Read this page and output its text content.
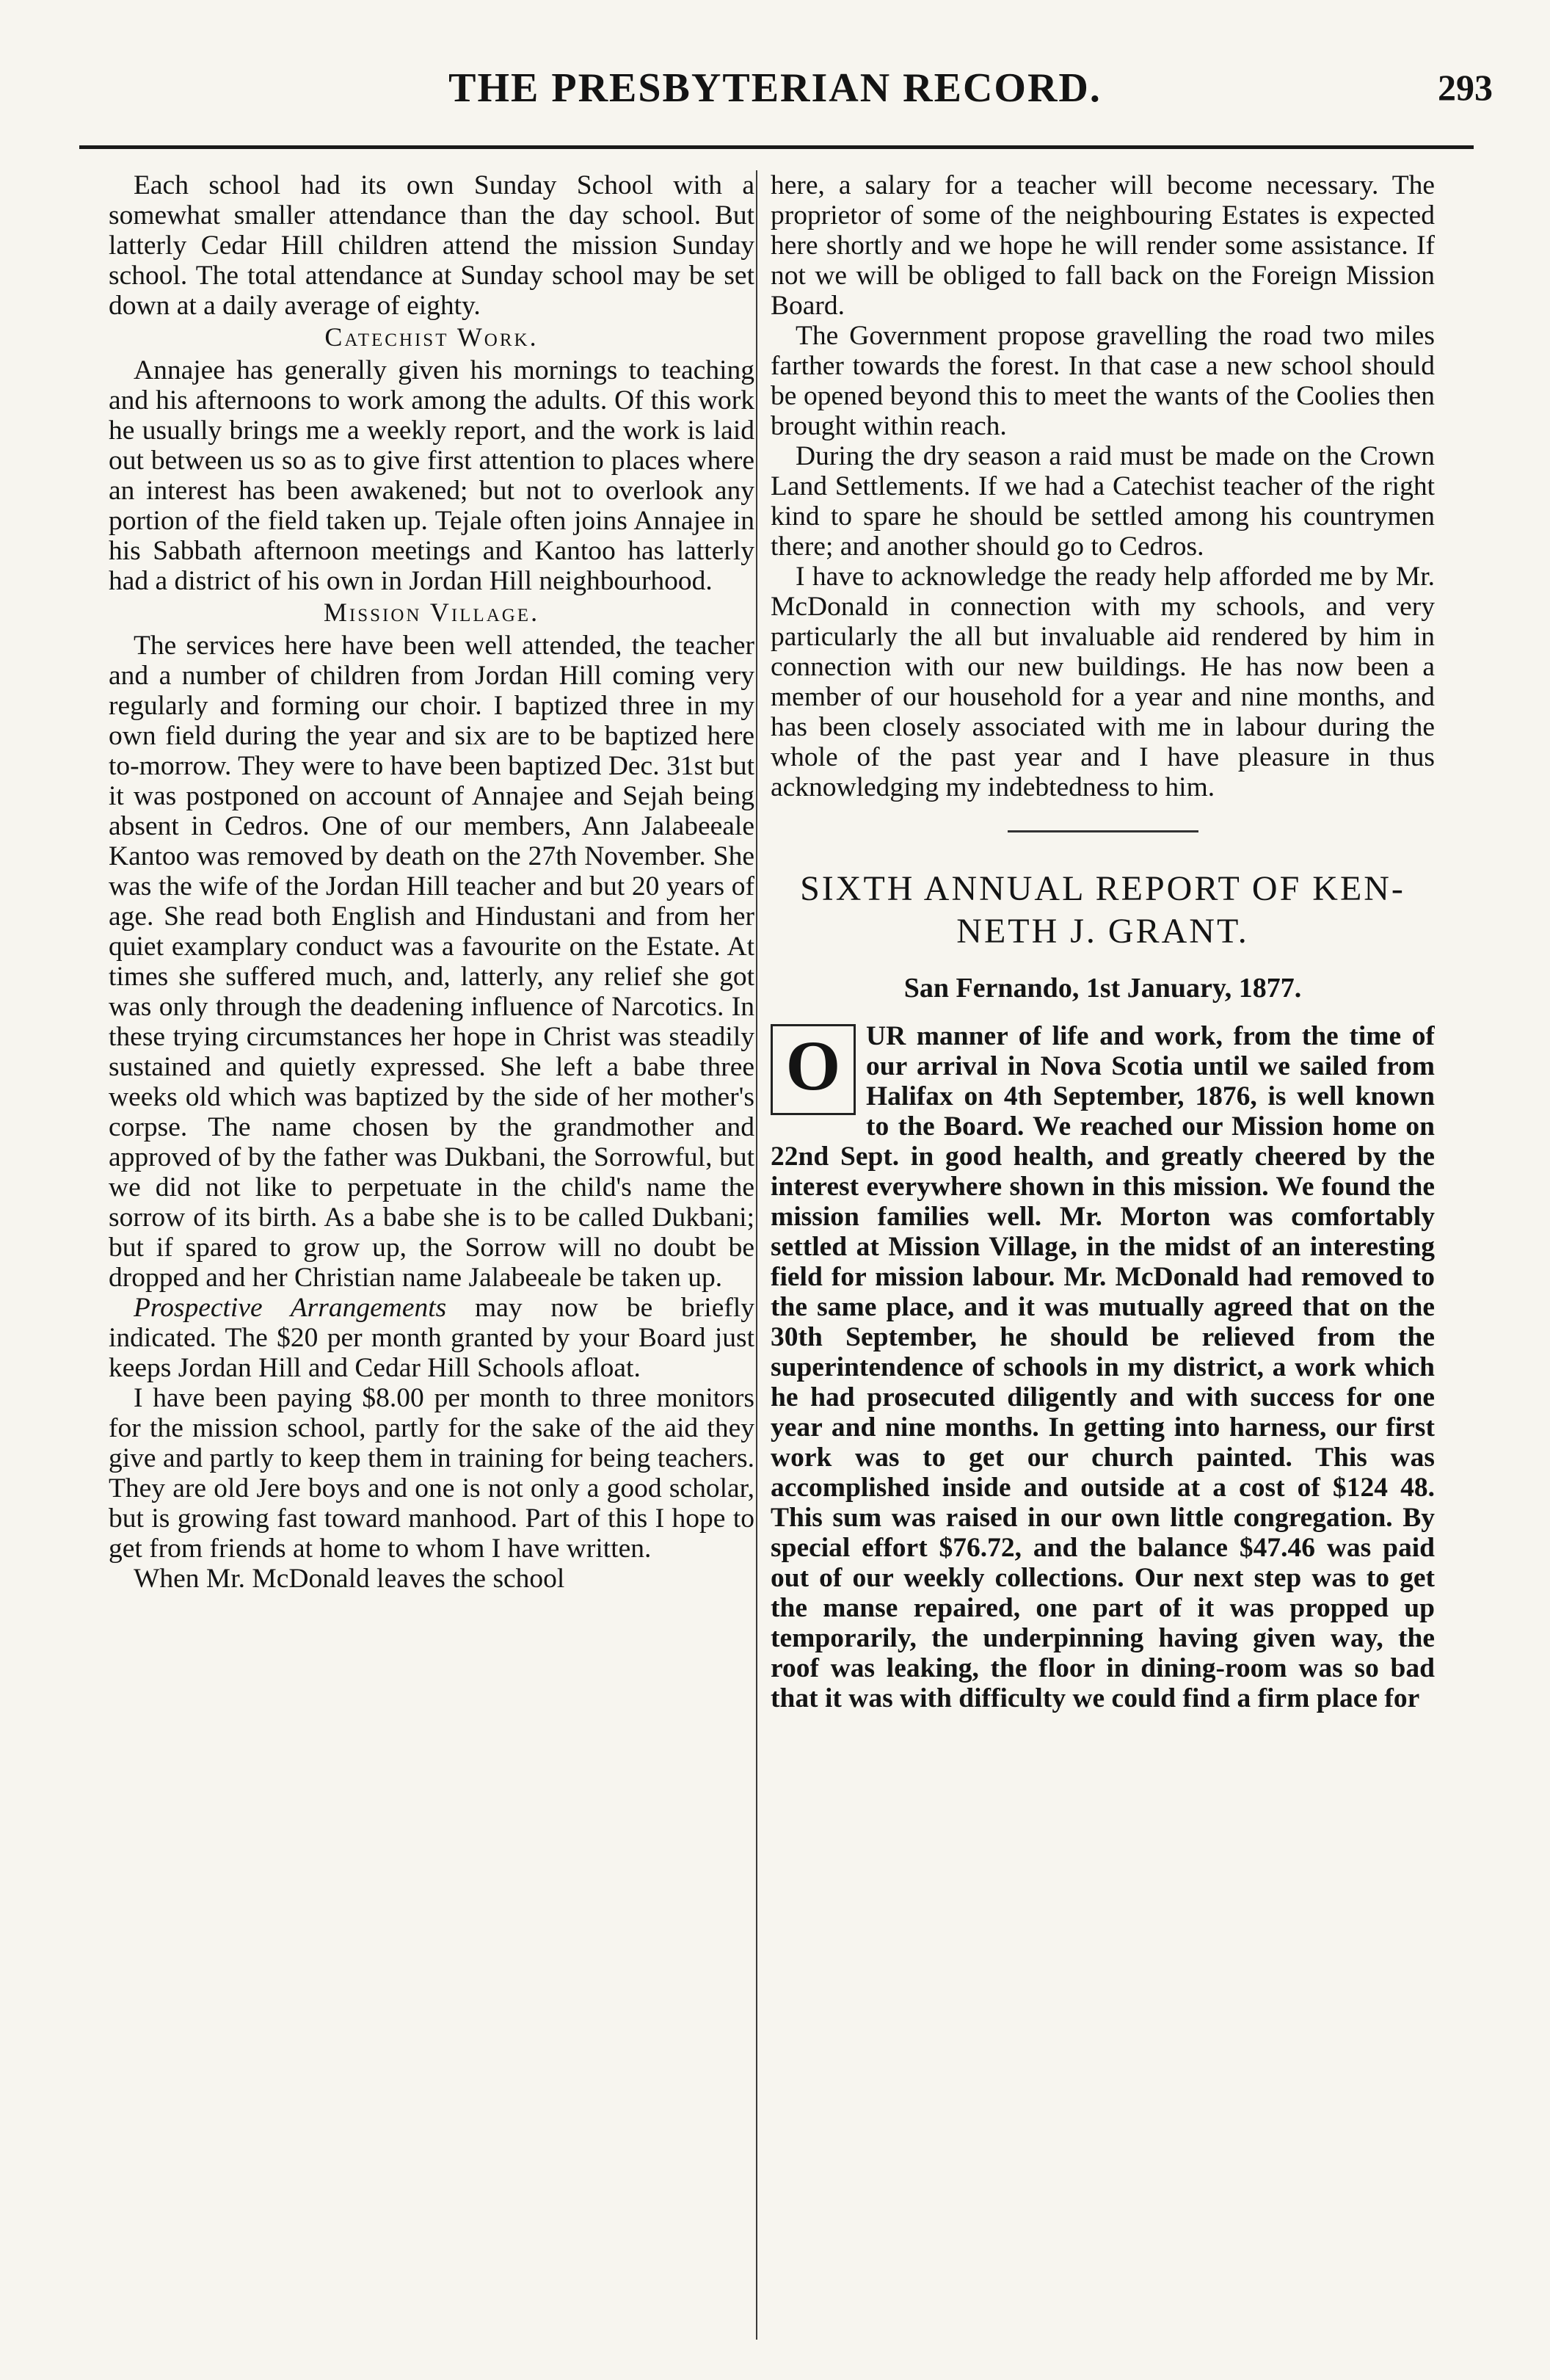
THE PRESBYTERIAN RECORD.	293

Each school had its own Sunday School with a somewhat smaller attendance than the day school. But latterly Cedar Hill children attend the mission Sunday school. The total attendance at Sunday school may be set down at a daily average of eighty.

Catechist Work.

Annajee has generally given his mornings to teaching and his afternoons to work among the adults. Of this work he usually brings me a weekly report, and the work is laid out between us so as to give first attention to places where an interest has been awakened; but not to overlook any portion of the field taken up. Tejale often joins Annajee in his Sabbath afternoon meetings and Kantoo has latterly had a district of his own in Jordan Hill neighbourhood.

Mission Village.

The services here have been well attended, the teacher and a number of children from Jordan Hill coming very regularly and forming our choir. I baptized three in my own field during the year and six are to be baptized here to-morrow. They were to have been baptized Dec. 31st but it was postponed on account of Annajee and Sejah being absent in Cedros. One of our members, Ann Jalabeeale Kantoo was removed by death on the 27th November. She was the wife of the Jordan Hill teacher and but 20 years of age. She read both English and Hindustani and from her quiet examplary conduct was a favourite on the Estate. At times she suffered much, and, latterly, any relief she got was only through the deadening influence of Narcotics. In these trying circumstances her hope in Christ was steadily sustained and quietly expressed. She left a babe three weeks old which was baptized by the side of her mother's corpse. The name chosen by the grandmother and approved of by the father was Dukbani, the Sorrowful, but we did not like to perpetuate in the child's name the sorrow of its birth. As a babe she is to be called Dukbani; but if spared to grow up, the Sorrow will no doubt be dropped and her Christian name Jalabeeale be taken up.

Prospective Arrangements may now be briefly indicated. The $20 per month granted by your Board just keeps Jordan Hill and Cedar Hill Schools afloat.

I have been paying $8.00 per month to three monitors for the mission school, partly for the sake of the aid they give and partly to keep them in training for being teachers. They are old Jere boys and one is not only a good scholar, but is growing fast toward manhood. Part of this I hope to get from friends at home to whom I have written.

When Mr. McDonald leaves the school

here, a salary for a teacher will become necessary. The proprietor of some of the neighbouring Estates is expected here shortly and we hope he will render some assistance. If not we will be obliged to fall back on the Foreign Mission Board.

The Government propose gravelling the road two miles farther towards the forest. In that case a new school should be opened beyond this to meet the wants of the Coolies then brought within reach.

During the dry season a raid must be made on the Crown Land Settlements. If we had a Catechist teacher of the right kind to spare he should be settled among his countrymen there; and another should go to Cedros.

I have to acknowledge the ready help afforded me by Mr. McDonald in connection with my schools, and very particularly the all but invaluable aid rendered by him in connection with our new buildings. He has now been a member of our household for a year and nine months, and has been closely associated with me in labour during the whole of the past year and I have pleasure in thus acknowledging my indebtedness to him.

SIXTH ANNUAL REPORT OF KEN-
NETH J. GRANT.
San Fernando, 1st January, 1877.
O UR manner of life and work, from the time of our arrival in Nova Scotia until we sailed from Halifax on 4th September, 1876, is well known to the Board. We reached our Mission home on 22nd Sept. in good health, and greatly cheered by the interest everywhere shown in this mission. We found the mission families well. Mr. Morton was comfortably settled at Mission Village, in the midst of an interesting field for mission labour. Mr. McDonald had removed to the same place, and it was mutually agreed that on the 30th September, he should be relieved from the superintendence of schools in my district, a work which he had prosecuted diligently and with success for one year and nine months. In getting into harness, our first work was to get our church painted. This was accomplished inside and outside at a cost of $124 48. This sum was raised in our own little congregation. By special effort $76.72, and the balance $47.46 was paid out of our weekly collections. Our next step was to get the manse repaired, one part of it was propped up temporarily, the underpinning having given way, the roof was leaking, the floor in dining-room was so bad that it was with difficulty we could find a firm place for
